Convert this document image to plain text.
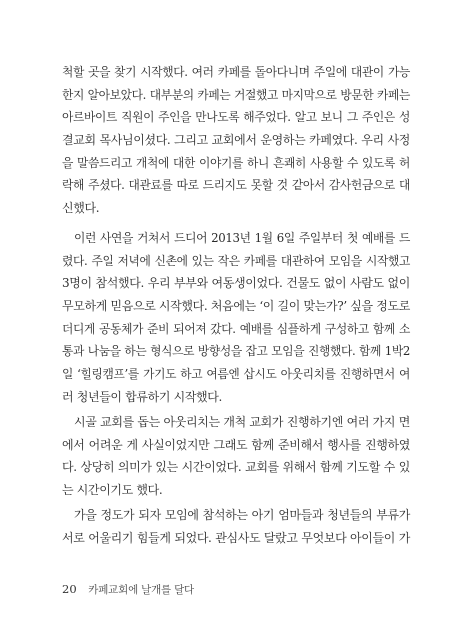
척할 곳을 찾기 시작했다. 여러 카페를 돌아다니며 주일에 대관이 가능
한지 알아보았다. 대부분의 카페는 거절했고 마지막으로 방문한 카페는
아르바이트 직원이 주인을 만나도록 해주었다. 알고 보니 그 주인은 성
결교회 목사님이셨다. 그리고 교회에서 운영하는 카페였다. 우리 사정
을 말씀드리고 개척에 대한 이야기를 하니 흔쾌히 사용할 수 있도록 허
락해 주셨다. 대관료를 따로 드리지도 못할 것 같아서 감사헌금으로 대
신했다.
이런 사연을 거쳐서 드디어 2013년 1월 6일 주일부터 첫 예배를 드
렸다. 주일 저녁에 신촌에 있는 작은 카페를 대관하여 모임을 시작했고
3명이 참석했다. 우리 부부와 여동생이었다. 건물도 없이 사람도 없이
무모하게 믿음으로 시작했다. 처음에는 ‘이 길이 맞는가?’ 싶을 정도로
더디게 공동체가 준비 되어져 갔다. 예배를 심플하게 구성하고 함께 소
통과 나눔을 하는 형식으로 방향성을 잡고 모임을 진행했다. 함께 1박2
일 ‘힐링캠프’를 가기도 하고 여름엔 삽시도 아웃리치를 진행하면서 여
러 청년들이 합류하기 시작했다.
시골 교회를 돕는 아웃리치는 개척 교회가 진행하기엔 여러 가지 면
에서 어려운 게 사실이었지만 그래도 함께 준비해서 행사를 진행하였
다. 상당히 의미가 있는 시간이었다. 교회를 위해서 함께 기도할 수 있
는 시간이기도 했다.
가을 정도가 되자 모임에 참석하는 아기 엄마들과 청년들의 부류가
서로 어울리기 힘들게 되었다. 관심사도 달랐고 무엇보다 아이들이 가
20 카페교회에 날개를 달다
